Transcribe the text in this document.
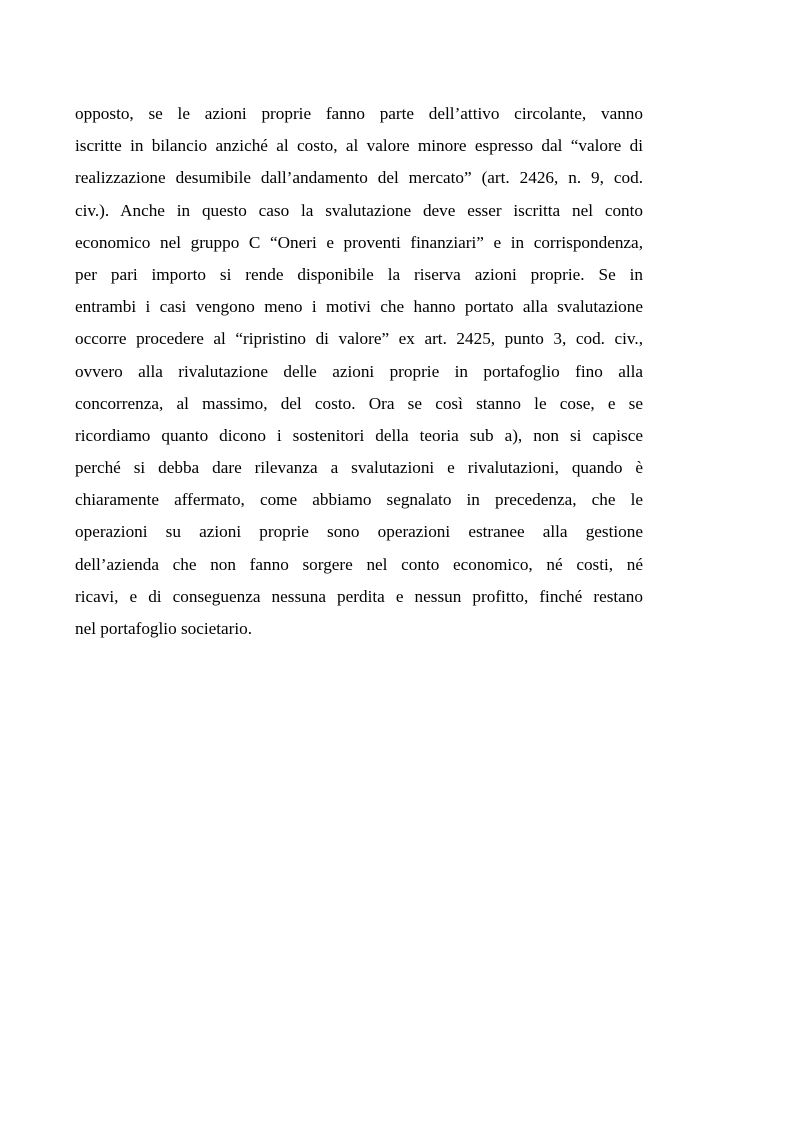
opposto, se le azioni proprie fanno parte dell’attivo circolante, vanno
iscritte in bilancio anziché al costo, al valore minore espresso dal “valore di
realizzazione desumibile dall’andamento del mercato” (art. 2426, n. 9, cod.
civ.). Anche in questo caso la svalutazione deve esser iscritta nel conto
economico nel gruppo C “Oneri e proventi finanziari” e in corrispondenza,
per pari importo si rende disponibile la riserva azioni proprie. Se in
entrambi i casi vengono meno i motivi che hanno portato alla svalutazione
occorre procedere al “ripristino di valore” ex art. 2425, punto 3, cod. civ.,
ovvero alla rivalutazione delle azioni proprie in portafoglio fino alla
concorrenza, al massimo, del costo. Ora se così stanno le cose, e se
ricordiamo quanto dicono i sostenitori della teoria sub a), non si capisce
perché si debba dare rilevanza a svalutazioni e rivalutazioni, quando è
chiaramente affermato, come abbiamo segnalato in precedenza, che le
operazioni su azioni proprie sono operazioni estranee alla gestione
dell’azienda che non fanno sorgere nel conto economico, né costi, né
ricavi, e di conseguenza nessuna perdita e nessun profitto, finché restano
nel portafoglio societario.
